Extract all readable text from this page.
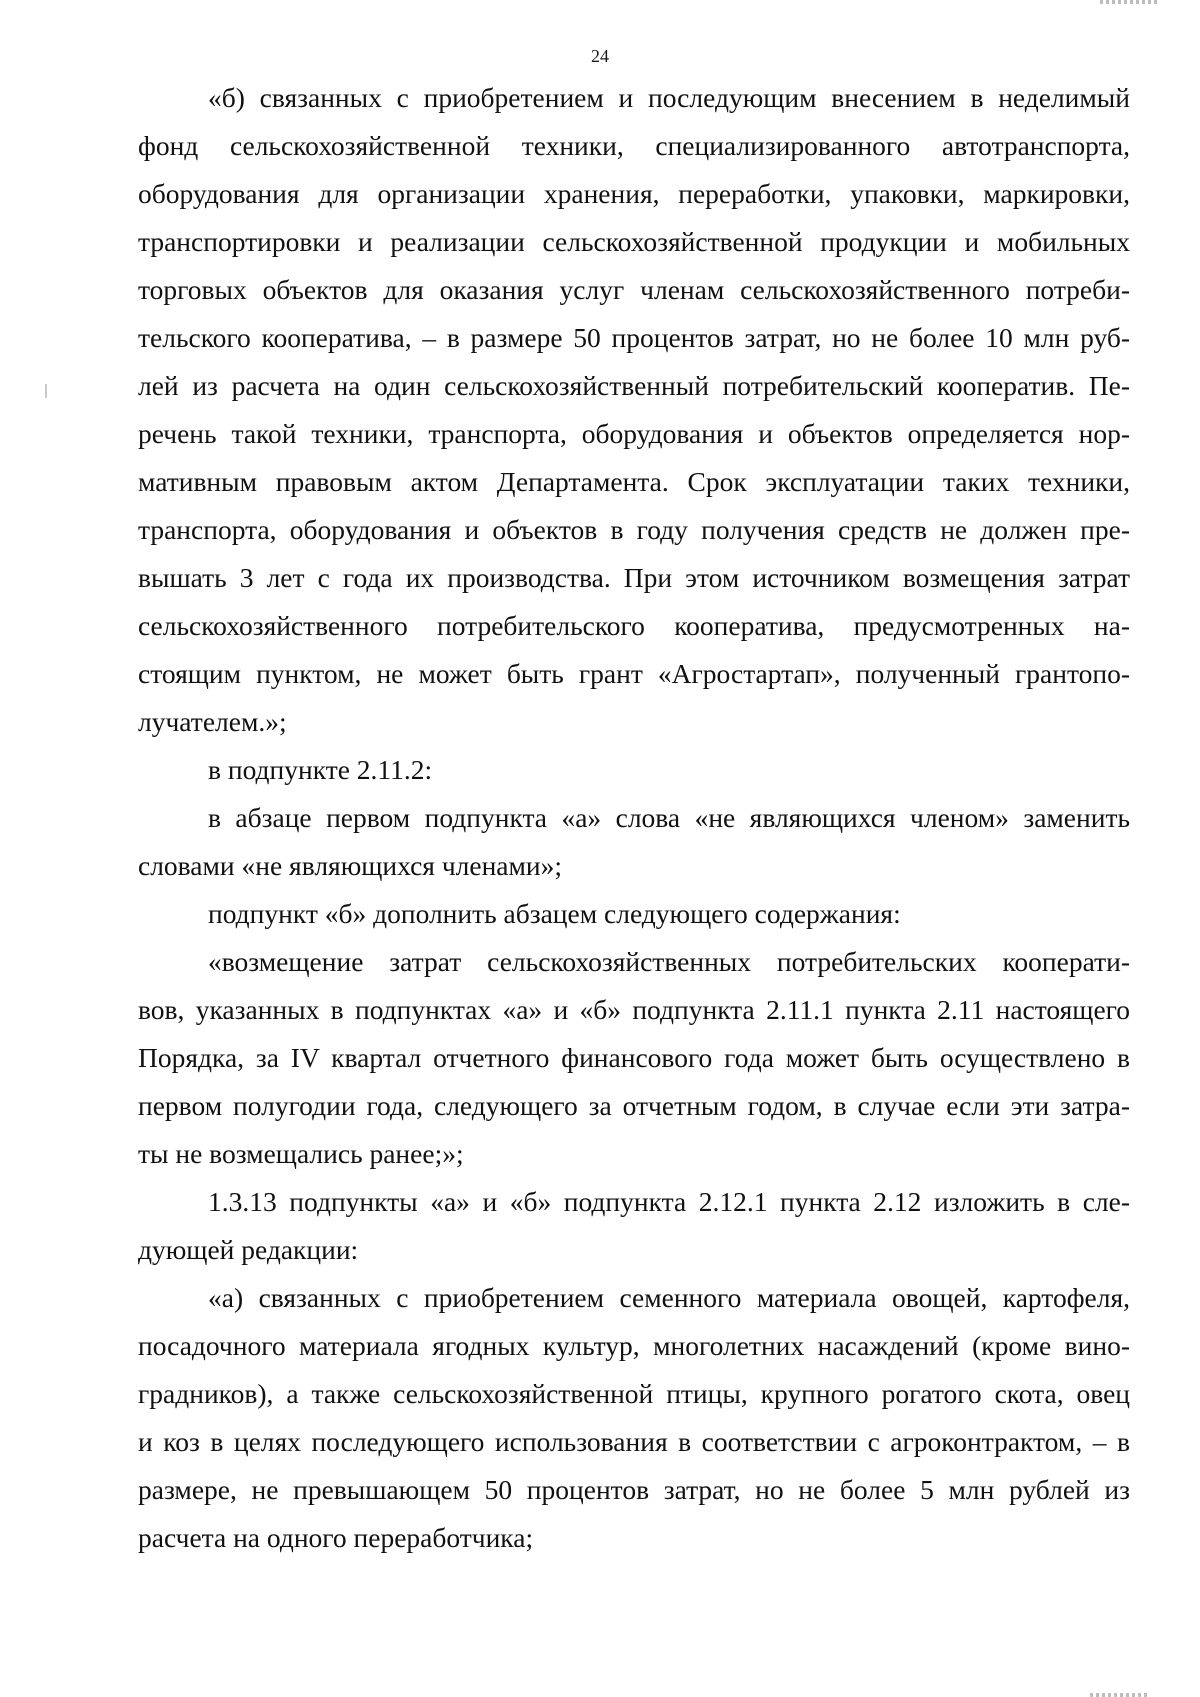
24

«б) связанных с приобретением и последующим внесением в неделимый
фонд сельскохозяйственной техники, специализированного автотранспорта,
оборудования для организации хранения, переработки, упаковки, маркировки,
транспортировки и реализации сельскохозяйственной продукции и мобильных
торговых объектов для оказания услуг членам сельскохозяйственного потреби-
тельского кооператива, – в размере 50 процентов затрат, но не более 10 млн руб-
лей из расчета на один сельскохозяйственный потребительский кооператив. Пе-
речень такой техники, транспорта, оборудования и объектов определяется нор-
мативным правовым актом Департамента. Срок эксплуатации таких техники,
транспорта, оборудования и объектов в году получения средств не должен пре-
вышать 3 лет с года их производства. При этом источником возмещения затрат
сельскохозяйственного потребительского кооператива, предусмотренных на-
стоящим пунктом, не может быть грант «Агростартап», полученный грантопо-
лучателем.»;

в подпункте 2.11.2:

в абзаце первом подпункта «а» слова «не являющихся членом» заменить
словами «не являющихся членами»;

подпункт «б» дополнить абзацем следующего содержания:

«возмещение затрат сельскохозяйственных потребительских кооперати-
вов, указанных в подпунктах «а» и «б» подпункта 2.11.1 пункта 2.11 настоящего
Порядка, за IV квартал отчетного финансового года может быть осуществлено в
первом полугодии года, следующего за отчетным годом, в случае если эти затра-
ты не возмещались ранее;»;

1.3.13 подпункты «а» и «б» подпункта 2.12.1 пункта 2.12 изложить в сле-
дующей редакции:

«а) связанных с приобретением семенного материала овощей, картофеля,
посадочного материала ягодных культур, многолетних насаждений (кроме вино-
градников), а также сельскохозяйственной птицы, крупного рогатого скота, овец
и коз в целях последующего использования в соответствии с агроконтрактом, – в
размере, не превышающем 50 процентов затрат, но не более 5 млн рублей из
расчета на одного переработчика;
